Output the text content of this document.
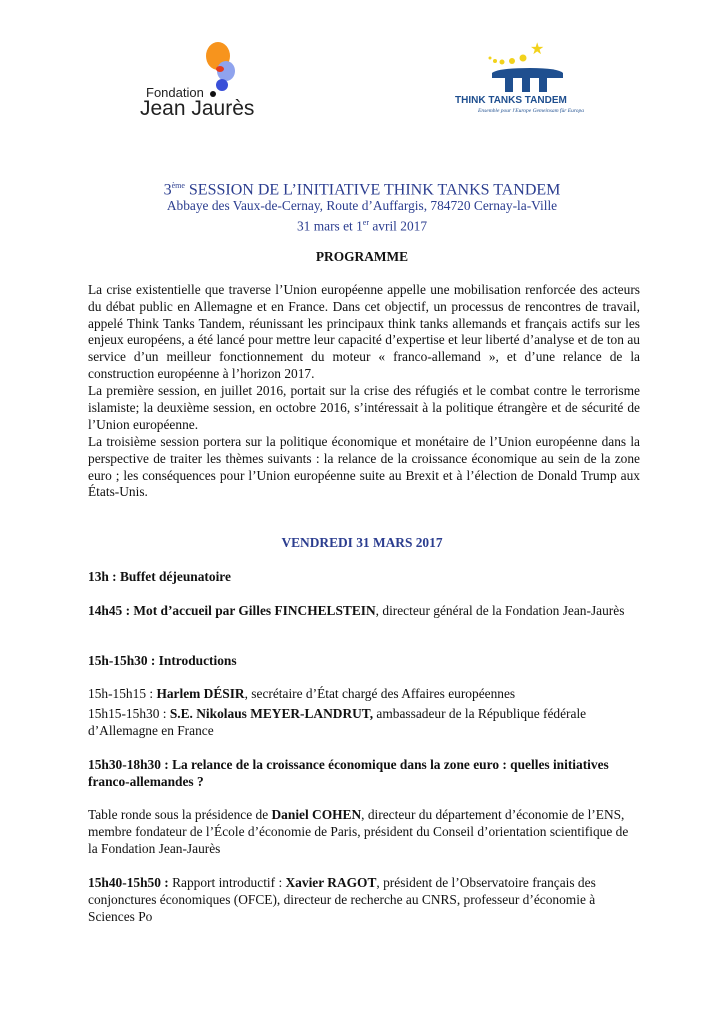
Fondation
Jean Jaurès
★
THINK TANKS TANDEM
Ensemble pour l'Europe Gemeinsam für Europa
3ème SESSION DE L’INITIATIVE THINK TANKS TANDEM
Abbaye des Vaux-de-Cernay, Route d’Auffargis, 784720 Cernay-la-Ville
31 mars et 1er avril 2017
PROGRAMME
La crise existentielle que traverse l’Union européenne appelle une mobilisation renforcée des acteurs du débat public en Allemagne et en France. Dans cet objectif, un processus de rencontres de travail, appelé Think Tanks Tandem, réunissant les principaux think tanks allemands et français actifs sur les enjeux européens, a été lancé pour mettre leur capacité d’expertise et leur liberté d’analyse et de ton au service d’un meilleur fonctionnement du moteur « franco-allemand », et d’une relance de la construction européenne à l’horizon 2017.
La première session, en juillet 2016, portait sur la crise des réfugiés et le combat contre le terrorisme islamiste; la deuxième session, en octobre 2016, s’intéressait à la politique étrangère et de sécurité de l’Union européenne.
La troisième session portera sur la politique économique et monétaire de l’Union européenne dans la perspective de traiter les thèmes suivants : la relance de la croissance économique au sein de la zone euro ; les conséquences pour l’Union européenne suite au Brexit et à l’élection de Donald Trump aux États-Unis.
VENDREDI 31 MARS 2017
13h : Buffet déjeunatoire
14h45 : Mot d’accueil par Gilles FINCHELSTEIN, directeur général de la Fondation Jean-Jaurès
15h-15h30 : Introductions
15h-15h15 : Harlem DÉSIR, secrétaire d’État chargé des Affaires européennes
15h15-15h30 : S.E. Nikolaus MEYER-LANDRUT, ambassadeur de la République fédérale d’Allemagne en France
15h30-18h30 : La relance de la croissance économique dans la zone euro : quelles initiatives franco-allemandes ?
Table ronde sous la présidence de Daniel COHEN, directeur du département d’économie de l’ENS, membre fondateur de l’École d’économie de Paris, président du Conseil d’orientation scientifique de la Fondation Jean-Jaurès
15h40-15h50 : Rapport introductif : Xavier RAGOT, président de l’Observatoire français des conjonctures économiques (OFCE), directeur de recherche au CNRS, professeur d’économie à Sciences Po
